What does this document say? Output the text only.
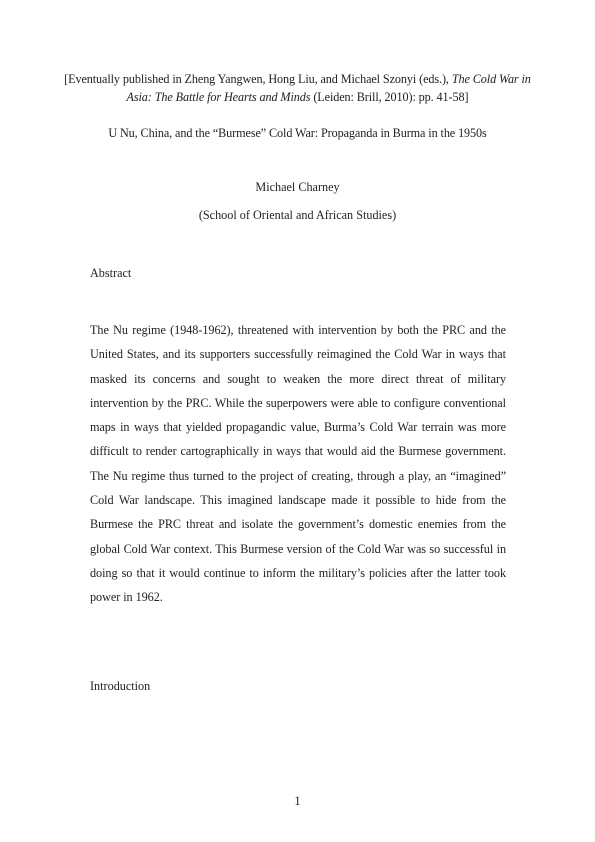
[Eventually published in Zheng Yangwen, Hong Liu, and Michael Szonyi (eds.), The Cold War in Asia: The Battle for Hearts and Minds (Leiden: Brill, 2010): pp. 41-58]
U Nu, China, and the “Burmese” Cold War: Propaganda in Burma in the 1950s
Michael Charney
(School of Oriental and African Studies)
Abstract
The Nu regime (1948-1962), threatened with intervention by both the PRC and the United States, and its supporters successfully reimagined the Cold War in ways that masked its concerns and sought to weaken the more direct threat of military intervention by the PRC. While the superpowers were able to configure conventional maps in ways that yielded propagandic value, Burma’s Cold War terrain was more difficult to render cartographically in ways that would aid the Burmese government. The Nu regime thus turned to the project of creating, through a play, an “imagined” Cold War landscape. This imagined landscape made it possible to hide from the Burmese the PRC threat and isolate the government’s domestic enemies from the global Cold War context. This Burmese version of the Cold War was so successful in doing so that it would continue to inform the military’s policies after the latter took power in 1962.
Introduction
1
